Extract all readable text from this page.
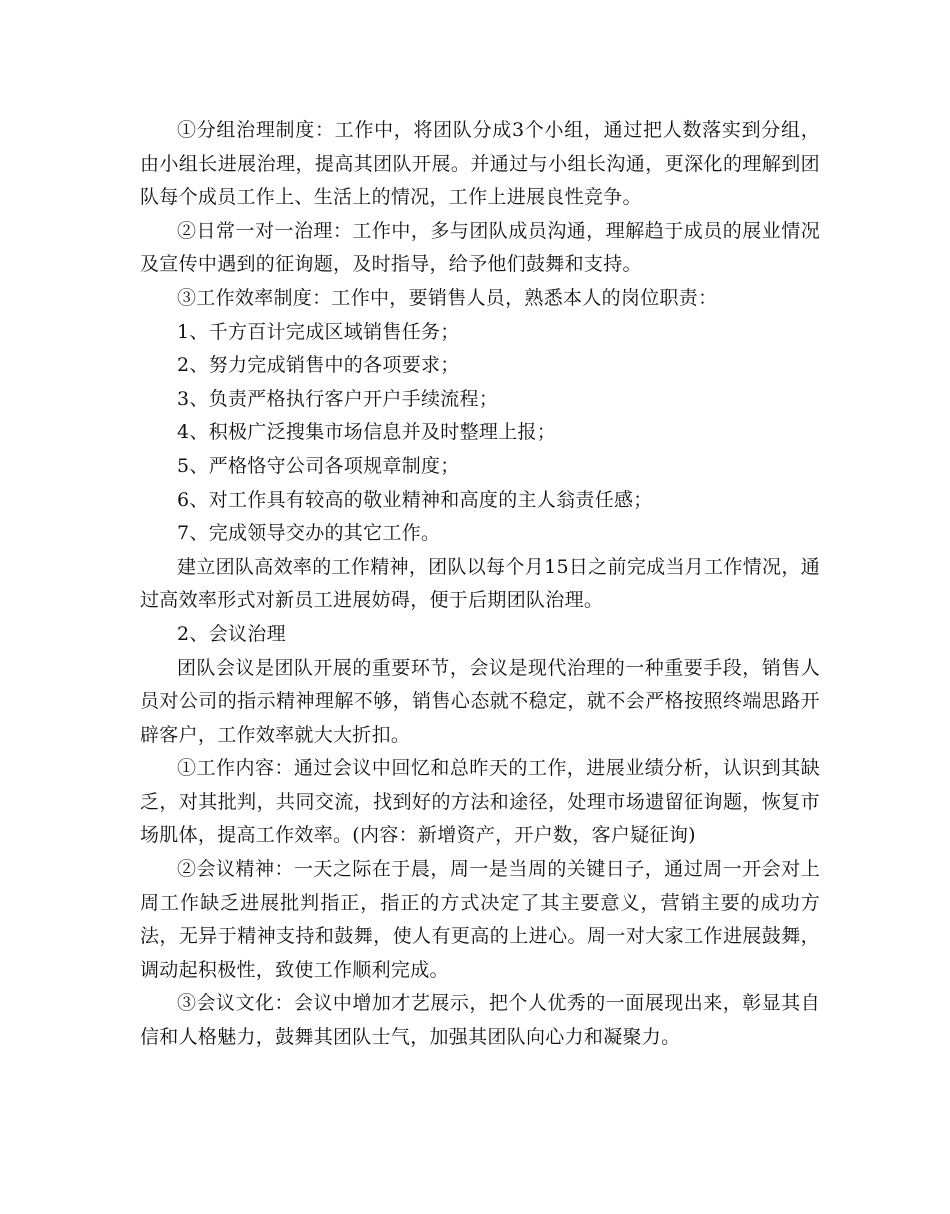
①分组治理制度：工作中，将团队分成3个小组，通过把人数落实到分组，由小组长进展治理，提高其团队开展。并通过与小组长沟通，更深化的理解到团队每个成员工作上、生活上的情况，工作上进展良性竞争。

②日常一对一治理：工作中，多与团队成员沟通，理解趋于成员的展业情况及宣传中遇到的征询题，及时指导，给予他们鼓舞和支持。

③工作效率制度：工作中，要销售人员，熟悉本人的岗位职责：

1、千方百计完成区域销售任务；

2、努力完成销售中的各项要求；

3、负责严格执行客户开户手续流程；

4、积极广泛搜集市场信息并及时整理上报；

5、严格恪守公司各项规章制度；

6、对工作具有较高的敬业精神和高度的主人翁责任感；

7、完成领导交办的其它工作。

建立团队高效率的工作精神，团队以每个月15日之前完成当月工作情况，通过高效率形式对新员工进展妨碍，便于后期团队治理。

2、会议治理

团队会议是团队开展的重要环节，会议是现代治理的一种重要手段，销售人员对公司的指示精神理解不够，销售心态就不稳定，就不会严格按照终端思路开辟客户，工作效率就大大折扣。

①工作内容：通过会议中回忆和总昨天的工作，进展业绩分析，认识到其缺乏，对其批判，共同交流，找到好的方法和途径，处理市场遗留征询题，恢复市场肌体，提高工作效率。(内容：新增资产，开户数，客户疑征询)

②会议精神：一天之际在于晨，周一是当周的关键日子，通过周一开会对上周工作缺乏进展批判指正，指正的方式决定了其主要意义，营销主要的成功方法，无异于精神支持和鼓舞，使人有更高的上进心。周一对大家工作进展鼓舞，调动起积极性，致使工作顺利完成。

③会议文化：会议中增加才艺展示，把个人优秀的一面展现出来，彰显其自信和人格魅力，鼓舞其团队士气，加强其团队向心力和凝聚力。
